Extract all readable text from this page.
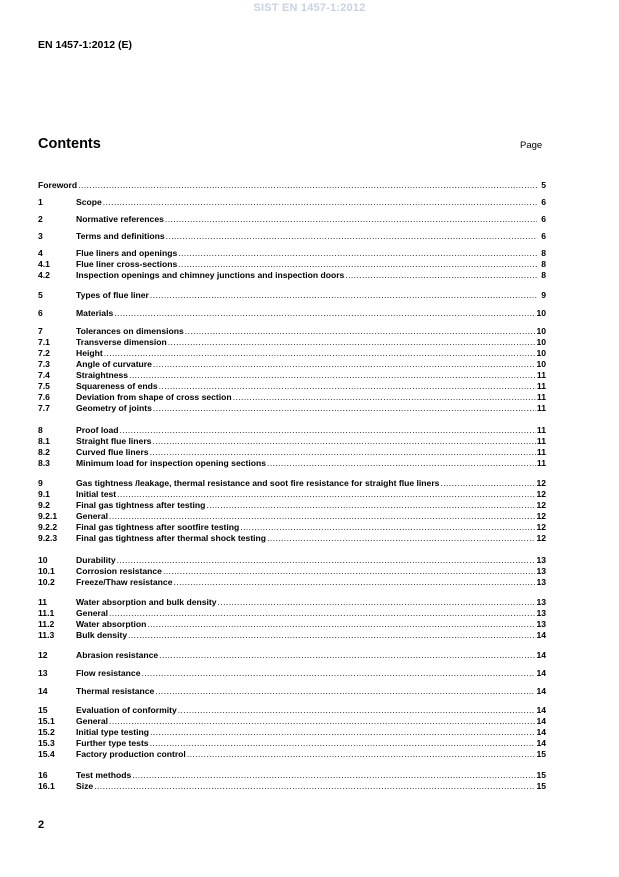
SIST EN 1457-1:2012
EN 1457-1:2012 (E)
Contents	Page
Foreword .....	5
1	Scope .....	6
2	Normative references .....	6
3	Terms and definitions .....	6
4	Flue liners and openings .....	8
4.1	Flue liner cross-sections .....	8
4.2	Inspection openings and chimney junctions and inspection doors .....	8
5	Types of flue liner .....	9
6	Materials .....	10
7	Tolerances on dimensions .....	10
7.1	Transverse dimension .....	10
7.2	Height .....	10
7.3	Angle of curvature .....	10
7.4	Straightness .....	11
7.5	Squareness of ends .....	11
7.6	Deviation from shape of cross section .....	11
7.7	Geometry of joints .....	11
8	Proof load .....	11
8.1	Straight flue liners .....	11
8.2	Curved flue liners .....	11
8.3	Minimum load for inspection opening sections .....	11
9	Gas tightness /leakage, thermal resistance and soot fire resistance for straight flue liners .....	12
9.1	Initial test .....	12
9.2	Final gas tightness after testing .....	12
9.2.1	General .....	12
9.2.2	Final gas tightness after sootfire testing .....	12
9.2.3	Final gas tightness after thermal shock testing .....	12
10	Durability .....	13
10.1	Corrosion resistance .....	13
10.2	Freeze/Thaw resistance .....	13
11	Water absorption and bulk density .....	13
11.1	General .....	13
11.2	Water absorption .....	13
11.3	Bulk density .....	14
12	Abrasion resistance .....	14
13	Flow resistance .....	14
14	Thermal resistance .....	14
15	Evaluation of conformity .....	14
15.1	General .....	14
15.2	Initial type testing .....	14
15.3	Further type tests .....	14
15.4	Factory production control .....	15
16	Test methods .....	15
16.1	Size .....	15
2
